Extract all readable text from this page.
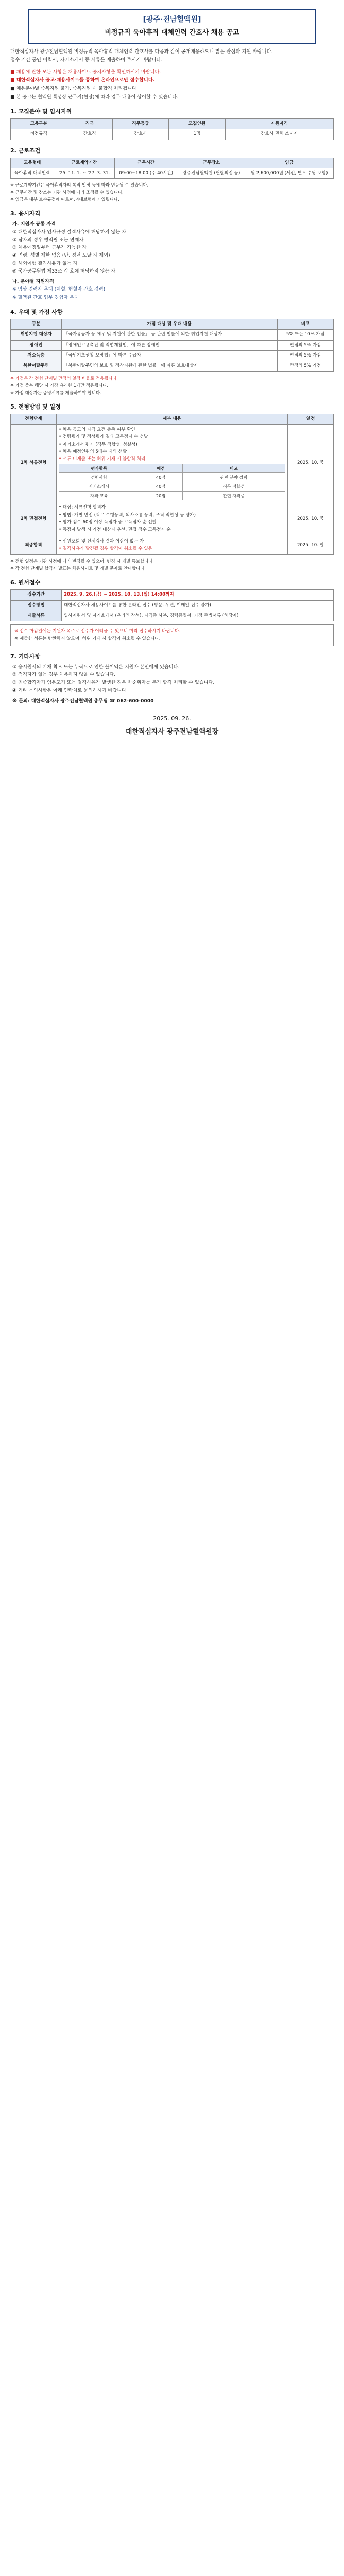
[광주·전남혈액원]
비정규직 육아휴직 대체인력 간호사 채용 공고

대한적십자사 광주전남혈액원 비정규직 육아휴직 대체인력 간호사를 다음과 같이 공개채용하오니 많은 관심과 지원 바랍니다.

접수 기간 동안 이력서, 자기소개서 등 서류를 제출하여 주시기 바랍니다.

■ 채용에 관한 모든 사항은 채용사이트 공지사항을 확인하시기 바랍니다.

■ 대한적십자사 공고·채용사이트를 통하여 온라인으로만 접수합니다.

■ 채용분야별 중복지원 불가, 중복지원 시 불합격 처리됩니다.

■ 본 공고는 혈액원 특성상 근무지(현장)에 따라 업무 내용이 상이할 수 있습니다.

1. 모집분야 및 임시지위
고용구분	직군	직무등급	모집인원	지원자격
비정규직	간호직	간호사	1명	간호사 면허 소지자
2. 근로조건
고용형태	근로계약기간	근무시간	근무장소	임금
육아휴직 대체인력	'25. 11. 1. ~ '27. 3. 31.	09:00~18:00 (주 40시간)	광주전남혈액원 (헌혈의집 등)	월 2,600,000원 (세전, 별도 수당 포함)
※ 근로계약기간은 육아휴직자의 복직 일정 등에 따라 변동될 수 있습니다.
※ 근무시간 및 장소는 기관 사정에 따라 조정될 수 있습니다.
※ 임금은 내부 보수규정에 따르며, 4대보험에 가입됩니다.
3. 응시자격

가. 지원자 공통 자격

① 대한적십자사 인사규정 결격사유에 해당하지 않는 자

② 남자의 경우 병역필 또는 면제자

③ 채용예정일부터 근무가 가능한 자

④ 연령, 성별 제한 없음 (단, 정년 도달 자 제외)

⑤ 해외여행 결격사유가 없는 자

⑥ 국가공무원법 제33조 각 호에 해당하지 않는 자

나. 분야별 지원자격

※ 임상 경력자 우대 (채혈, 헌혈자 간호 경력)

※ 혈액원 간호 업무 경험자 우대

4. 우대 및 가점 사항
구분	가점 대상 및 우대 내용	비고
취업지원 대상자	「국가유공자 등 예우 및 지원에 관한 법률」 등 관련 법률에 의한 취업지원 대상자	5% 또는 10% 가점
장애인	「장애인고용촉진 및 직업재활법」에 따른 장애인	만점의 5% 가점
저소득층	「국민기초생활 보장법」에 따른 수급자	만점의 5% 가점
북한이탈주민	「북한이탈주민의 보호 및 정착지원에 관한 법률」에 따른 보호대상자	만점의 5% 가점
※ 가점은 각 전형 단계별 만점의 일정 비율로 적용됩니다.
※ 가점 중복 해당 시 가장 유리한 1개만 적용됩니다.
※ 가점 대상자는 증빙서류를 제출하여야 합니다.
5. 전형방법 및 일정
전형단계	세부 내용	일정
1차 서류전형	

• 채용 공고의 자격 요건 충족 여부 확인

• 정량평가 및 정성평가 결과 고득점자 순 선발

• 자기소개서 평가 (직무 적합성, 성실성)

• 채용 예정인원의 5배수 내외 선발

• 서류 미제출 또는 허위 기재 시 불합격 처리

평가항목	배점	비고
경력사항	40점	관련 분야 경력
자기소개서	40점	직무 적합성
자격·교육	20점	관련 자격증
	2025. 10. 중
2차 면접전형	

• 대상: 서류전형 합격자

• 방법: 개별 면접 (직무 수행능력, 의사소통 능력, 조직 적합성 등 평가)

• 평가 점수 60점 이상 득점자 중 고득점자 순 선발

• 동점자 발생 시 가점 대상자 우선, 면접 점수 고득점자 순

	2025. 10. 중
최종합격	

• 신원조회 및 신체검사 결과 이상이 없는 자

• 결격사유가 발견될 경우 합격이 취소될 수 있음

	2025. 10. 말
※ 전형 일정은 기관 사정에 따라 변경될 수 있으며, 변경 시 개별 통보합니다.
※ 각 전형 단계별 합격자 발표는 채용사이트 및 개별 문자로 안내합니다.
6. 원서접수
접수기간	2025. 9. 26.(금) ~ 2025. 10. 13.(월) 14:00까지
접수방법	대한적십자사 채용사이트를 통한 온라인 접수 (방문, 우편, 이메일 접수 불가)
제출서류	입사지원서 및 자기소개서 (온라인 작성), 자격증 사본, 경력증명서, 가점 증빙서류 (해당자)

※ 접수 마감일에는 지원자 폭주로 접수가 어려울 수 있으니 미리 접수하시기 바랍니다.

※ 제출한 서류는 반환하지 않으며, 허위 기재 시 합격이 취소될 수 있습니다.

7. 기타사항

① 응시원서의 기재 착오 또는 누락으로 인한 불이익은 지원자 본인에게 있습니다.

② 적격자가 없는 경우 채용하지 않을 수 있습니다.

③ 최종합격자가 임용포기 또는 결격사유가 발생한 경우 차순위자를 추가 합격 처리할 수 있습니다.

④ 기타 문의사항은 아래 연락처로 문의하시기 바랍니다.

※ 문의: 대한적십자사 광주전남혈액원 총무팀 ☎ 062-600-0000

2025. 09. 26.
대한적십자사 광주전남혈액원장
